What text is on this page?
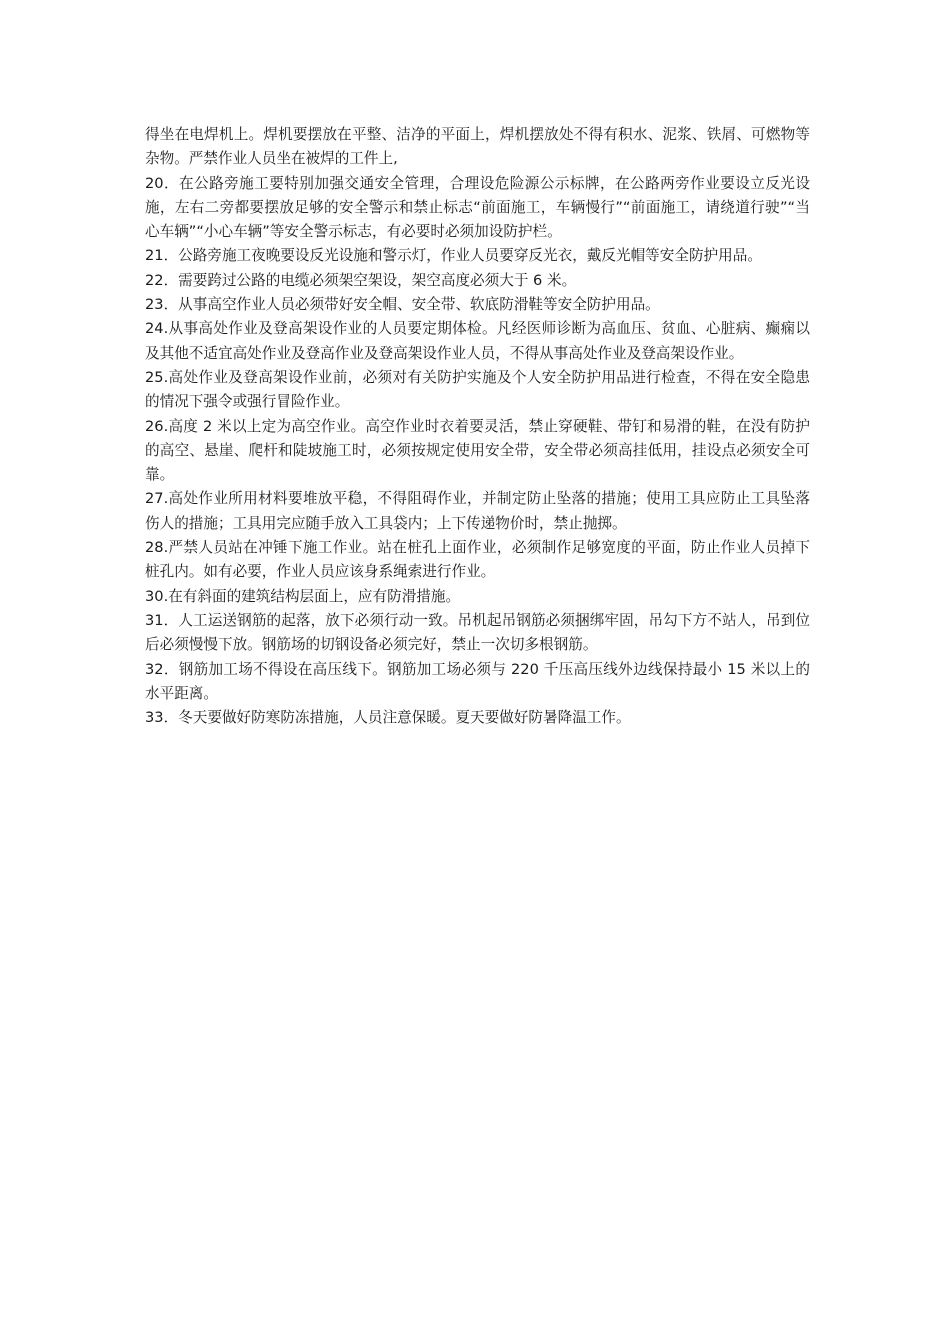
得坐在电焊机上。焊机要摆放在平整、洁净的平面上，焊机摆放处不得有积水、泥浆、铁屑、可燃物等杂物。严禁作业人员坐在被焊的工件上,

20．在公路旁施工要特别加强交通安全管理，合理设危险源公示标牌，在公路两旁作业要设立反光设施，左右二旁都要摆放足够的安全警示和禁止标志“前面施工，车辆慢行”“前面施工，请绕道行驶”“当心车辆”“小心车辆”等安全警示标志，有必要时必须加设防护栏。

21．公路旁施工夜晚要设反光设施和警示灯，作业人员要穿反光衣，戴反光帽等安全防护用品。

22．需要跨过公路的电缆必须架空架设，架空高度必须大于 6 米。

23．从事高空作业人员必须带好安全帽、安全带、软底防滑鞋等安全防护用品。

24.从事高处作业及登高架设作业的人员要定期体检。凡经医师诊断为高血压、贫血、心脏病、癫痫以及其他不适宜高处作业及登高作业及登高架设作业人员，不得从事高处作业及登高架设作业。

25.高处作业及登高架设作业前，必须对有关防护实施及个人安全防护用品进行检查，不得在安全隐患的情况下强令或强行冒险作业。

26.高度 2 米以上定为高空作业。高空作业时衣着要灵活，禁止穿硬鞋、带钉和易滑的鞋，在没有防护的高空、悬崖、爬杆和陡坡施工时，必须按规定使用安全带，安全带必须高挂低用，挂设点必须安全可靠。

27.高处作业所用材料要堆放平稳，不得阻碍作业，并制定防止坠落的措施；使用工具应防止工具坠落伤人的措施；工具用完应随手放入工具袋内；上下传递物价时，禁止抛掷。

28.严禁人员站在冲锤下施工作业。站在桩孔上面作业，必须制作足够宽度的平面，防止作业人员掉下桩孔内。如有必要，作业人员应该身系绳索进行作业。

30.在有斜面的建筑结构层面上，应有防滑措施。

31．人工运送钢筋的起落，放下必须行动一致。吊机起吊钢筋必须捆绑牢固，吊勾下方不站人，吊到位后必须慢慢下放。钢筋场的切钢设备必须完好，禁止一次切多根钢筋。

32．钢筋加工场不得设在高压线下。钢筋加工场必须与 220 千压高压线外边线保持最小 15 米以上的水平距离。

33．冬天要做好防寒防冻措施，人员注意保暖。夏天要做好防暑降温工作。
